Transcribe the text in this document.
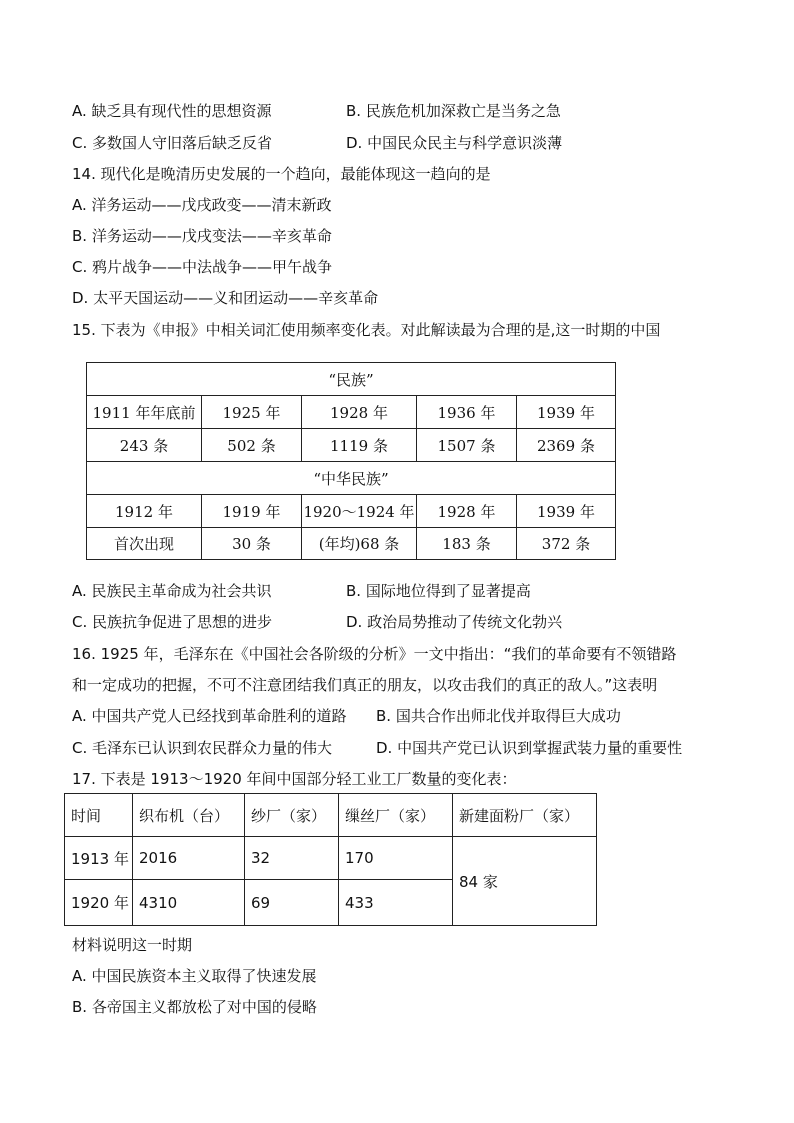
A. 缺乏具有现代性的思想资源	B. 民族危机加深救亡是当务之急
C. 多数国人守旧落后缺乏反省	D. 中国民众民主与科学意识淡薄
14. 现代化是晚清历史发展的一个趋向，最能体现这一趋向的是
A. 洋务运动——戊戌政变——清末新政
B. 洋务运动——戊戌变法——辛亥革命
C. 鸦片战争——中法战争——甲午战争
D. 太平天国运动——义和团运动——辛亥革命
15. 下表为《申报》中相关词汇使用频率变化表。对此解读最为合理的是,这一时期的中国
“民族”
1911 年年底前	1925 年	1928 年	1936 年	1939 年
243 条	502 条	1119 条	1507 条	2369 条
“中华民族”
1912 年	1919 年	1920～1924 年	1928 年	1939 年
首次出现	30 条	(年均)68 条	183 条	372 条
A. 民族民主革命成为社会共识	B. 国际地位得到了显著提高
C. 民族抗争促进了思想的进步	D. 政治局势推动了传统文化勃兴
16. 1925 年，毛泽东在《中国社会各阶级的分析》一文中指出：“我们的革命要有不领错路
和一定成功的把握，不可不注意团结我们真正的朋友，以攻击我们的真正的敌人。”这表明
A. 中国共产党人已经找到革命胜利的道路 B. 国共合作出师北伐并取得巨大成功
C. 毛泽东已认识到农民群众力量的伟大	D. 中国共产党已认识到掌握武装力量的重要性
17. 下表是 1913～1920 年间中国部分轻工业工厂数量的变化表：
时间	织布机（台）	纱厂（家）	缫丝厂（家）	新建面粉厂（家）
1913 年 2016	32	170
1920 年 4310	69	433
84 家
材料说明这一时期
A. 中国民族资本主义取得了快速发展
B. 各帝国主义都放松了对中国的侵略
